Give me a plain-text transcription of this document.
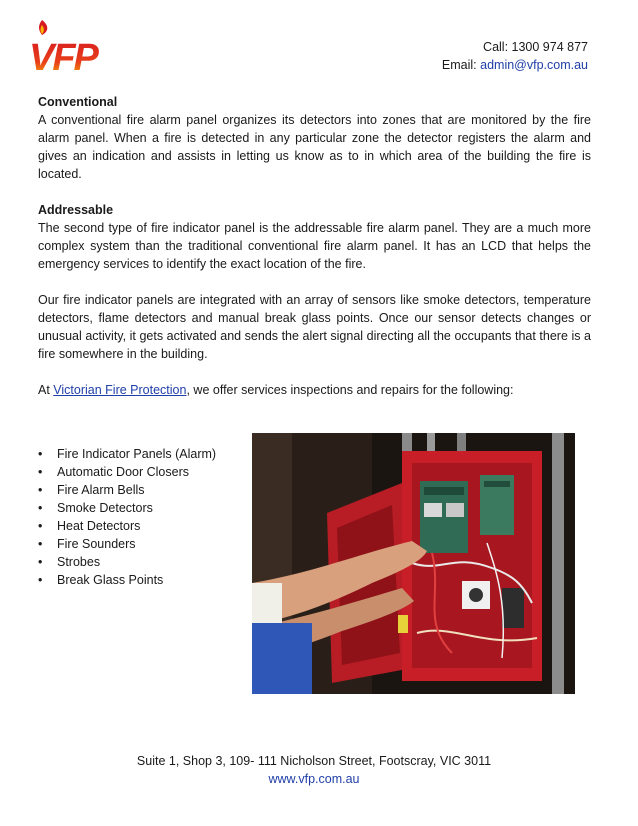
VFP	Call: 1300 974 877
Email: admin@vfp.com.au
Conventional

A conventional fire alarm panel organizes its detectors into zones that are monitored by the fire alarm panel. When a fire is detected in any particular zone the detector registers the alarm and gives an indication and assists in letting us know as to in which area of the building the fire is located.

Addressable

The second type of fire indicator panel is the addressable fire alarm panel. They are a much more complex system than the traditional conventional fire alarm panel. It has an LCD that helps the emergency services to identify the exact location of the fire.

Our fire indicator panels are integrated with an array of sensors like smoke detectors, temperature detectors, flame detectors and manual break glass points. Once our sensor detects changes or unusual activity, it gets activated and sends the alert signal directing all the occupants that there is a fire somewhere in the building.

At Victorian Fire Protection, we offer services inspections and repairs for the following:

• Fire Indicator Panels (Alarm)
• Automatic Door Closers
• Fire Alarm Bells
• Smoke Detectors
• Heat Detectors
• Fire Sounders
• Strobes
• Break Glass Points
Suite 1, Shop 3, 109- 111 Nicholson Street, Footscray, VIC 3011
www.vfp.com.au
